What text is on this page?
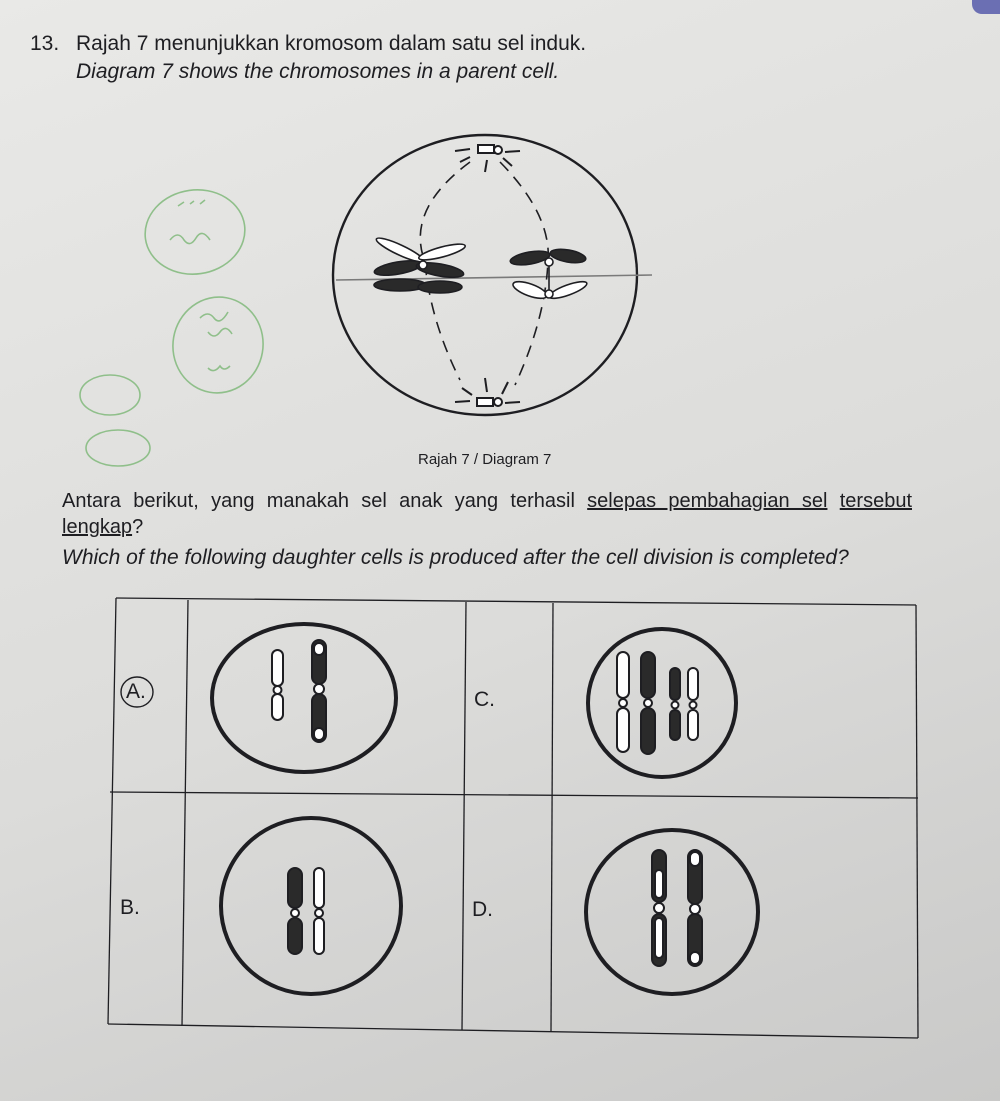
13. Rajah 7 menunjukkan kromosom dalam satu sel induk.
Diagram 7 shows the chromosomes in a parent cell.
Rajah 7 / Diagram 7
Antara berikut, yang manakah sel anak yang terhasil selepas pembahagian sel tersebut lengkap?
Which of the following daughter cells is produced after the cell division is completed?
A.
B.
C.
D.
